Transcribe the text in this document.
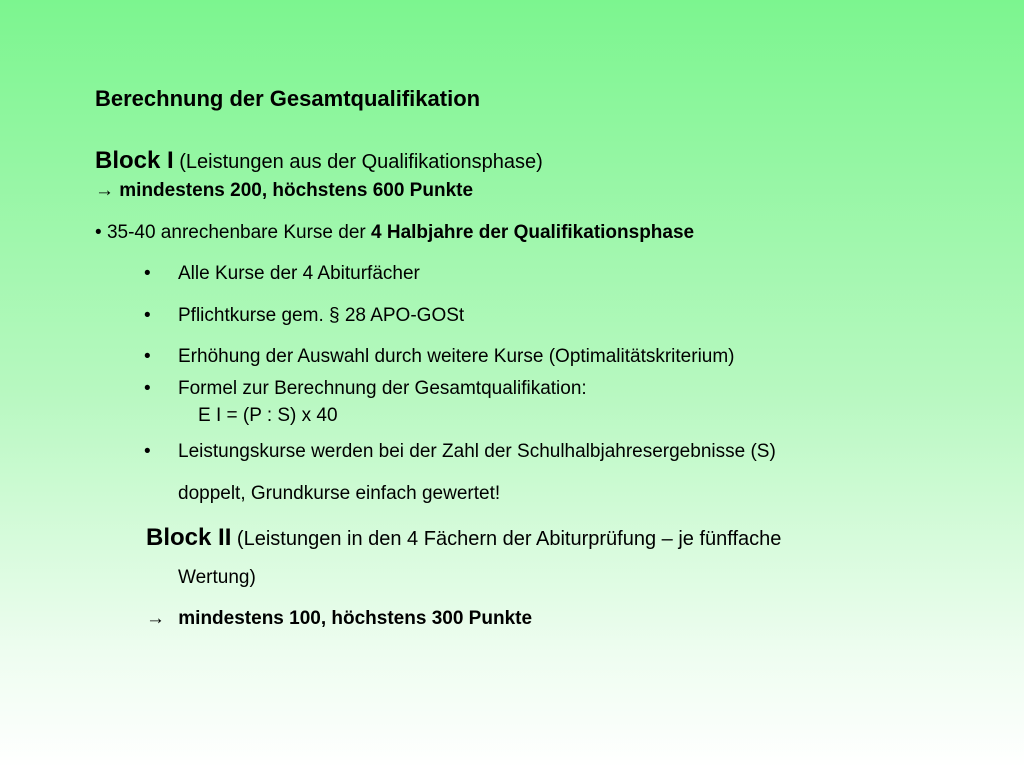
Berechnung der Gesamtqualifikation
Block I (Leistungen aus der Qualifikationsphase)
→ mindestens 200, höchstens 600 Punkte
• 35-40 anrechenbare Kurse der 4 Halbjahre der Qualifikationsphase
• Alle Kurse der 4 Abiturfächer
• Pflichtkurse gem. § 28 APO-GOSt
• Erhöhung der Auswahl durch weitere Kurse (Optimalitätskriterium)
• Formel zur Berechnung der Gesamtqualifikation:
E I = (P : S) x 40
• Leistungskurse werden bei der Zahl der Schulhalbjahresergebnisse (S)
doppelt, Grundkurse einfach gewertet!
Block II (Leistungen in den 4 Fächern der Abiturprüfung – je fünffache
Wertung)
→ mindestens 100, höchstens 300 Punkte
